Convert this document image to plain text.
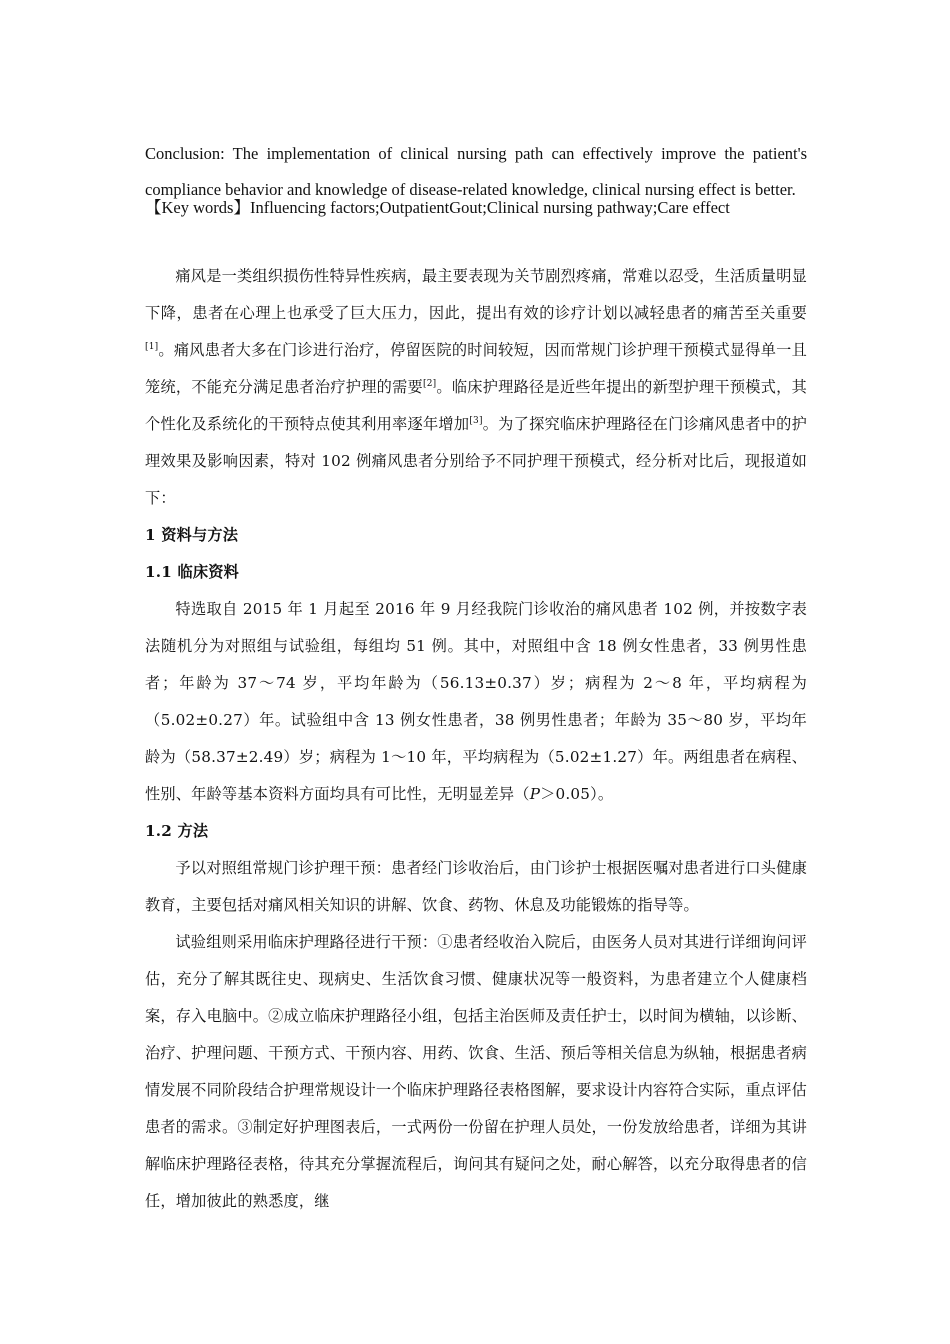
Conclusion: The implementation of clinical nursing path can effectively improve the patient's compliance behavior and knowledge of disease-related knowledge, clinical nursing effect is better.

【Key words】Influencing factors;OutpatientGout;Clinical nursing pathway;Care effect

痛风是一类组织损伤性特异性疾病，最主要表现为关节剧烈疼痛，常难以忍受，生活质量明显下降，患者在心理上也承受了巨大压力，因此，提出有效的诊疗计划以减轻患者的痛苦至关重要[1]。痛风患者大多在门诊进行治疗，停留医院的时间较短，因而常规门诊护理干预模式显得单一且笼统，不能充分满足患者治疗护理的需要[2]。临床护理路径是近些年提出的新型护理干预模式，其个性化及系统化的干预特点使其利用率逐年增加[3]。为了探究临床护理路径在门诊痛风患者中的护理效果及影响因素，特对 102 例痛风患者分别给予不同护理干预模式，经分析对比后，现报道如下：

1 资料与方法

1.1 临床资料

特选取自 2015 年 1 月起至 2016 年 9 月经我院门诊收治的痛风患者 102 例，并按数字表法随机分为对照组与试验组，每组均 51 例。其中，对照组中含 18 例女性患者，33 例男性患者；年龄为 37～74 岁，平均年龄为（56.13±0.37）岁；病程为 2～8 年，平均病程为（5.02±0.27）年。试验组中含 13 例女性患者，38 例男性患者；年龄为 35～80 岁，平均年龄为（58.37±2.49）岁；病程为 1～10 年，平均病程为（5.02±1.27）年。两组患者在病程、性别、年龄等基本资料方面均具有可比性，无明显差异（P＞0.05）。

1.2 方法

予以对照组常规门诊护理干预：患者经门诊收治后，由门诊护士根据医嘱对患者进行口头健康教育，主要包括对痛风相关知识的讲解、饮食、药物、休息及功能锻炼的指导等。

试验组则采用临床护理路径进行干预：①患者经收治入院后，由医务人员对其进行详细询问评估，充分了解其既往史、现病史、生活饮食习惯、健康状况等一般资料，为患者建立个人健康档案，存入电脑中。②成立临床护理路径小组，包括主治医师及责任护士，以时间为横轴，以诊断、治疗、护理问题、干预方式、干预内容、用药、饮食、生活、预后等相关信息为纵轴，根据患者病情发展不同阶段结合护理常规设计一个临床护理路径表格图解，要求设计内容符合实际，重点评估患者的需求。③制定好护理图表后，一式两份一份留在护理人员处，一份发放给患者，详细为其讲解临床护理路径表格，待其充分掌握流程后，询问其有疑问之处，耐心解答，以充分取得患者的信任，增加彼此的熟悉度，继
